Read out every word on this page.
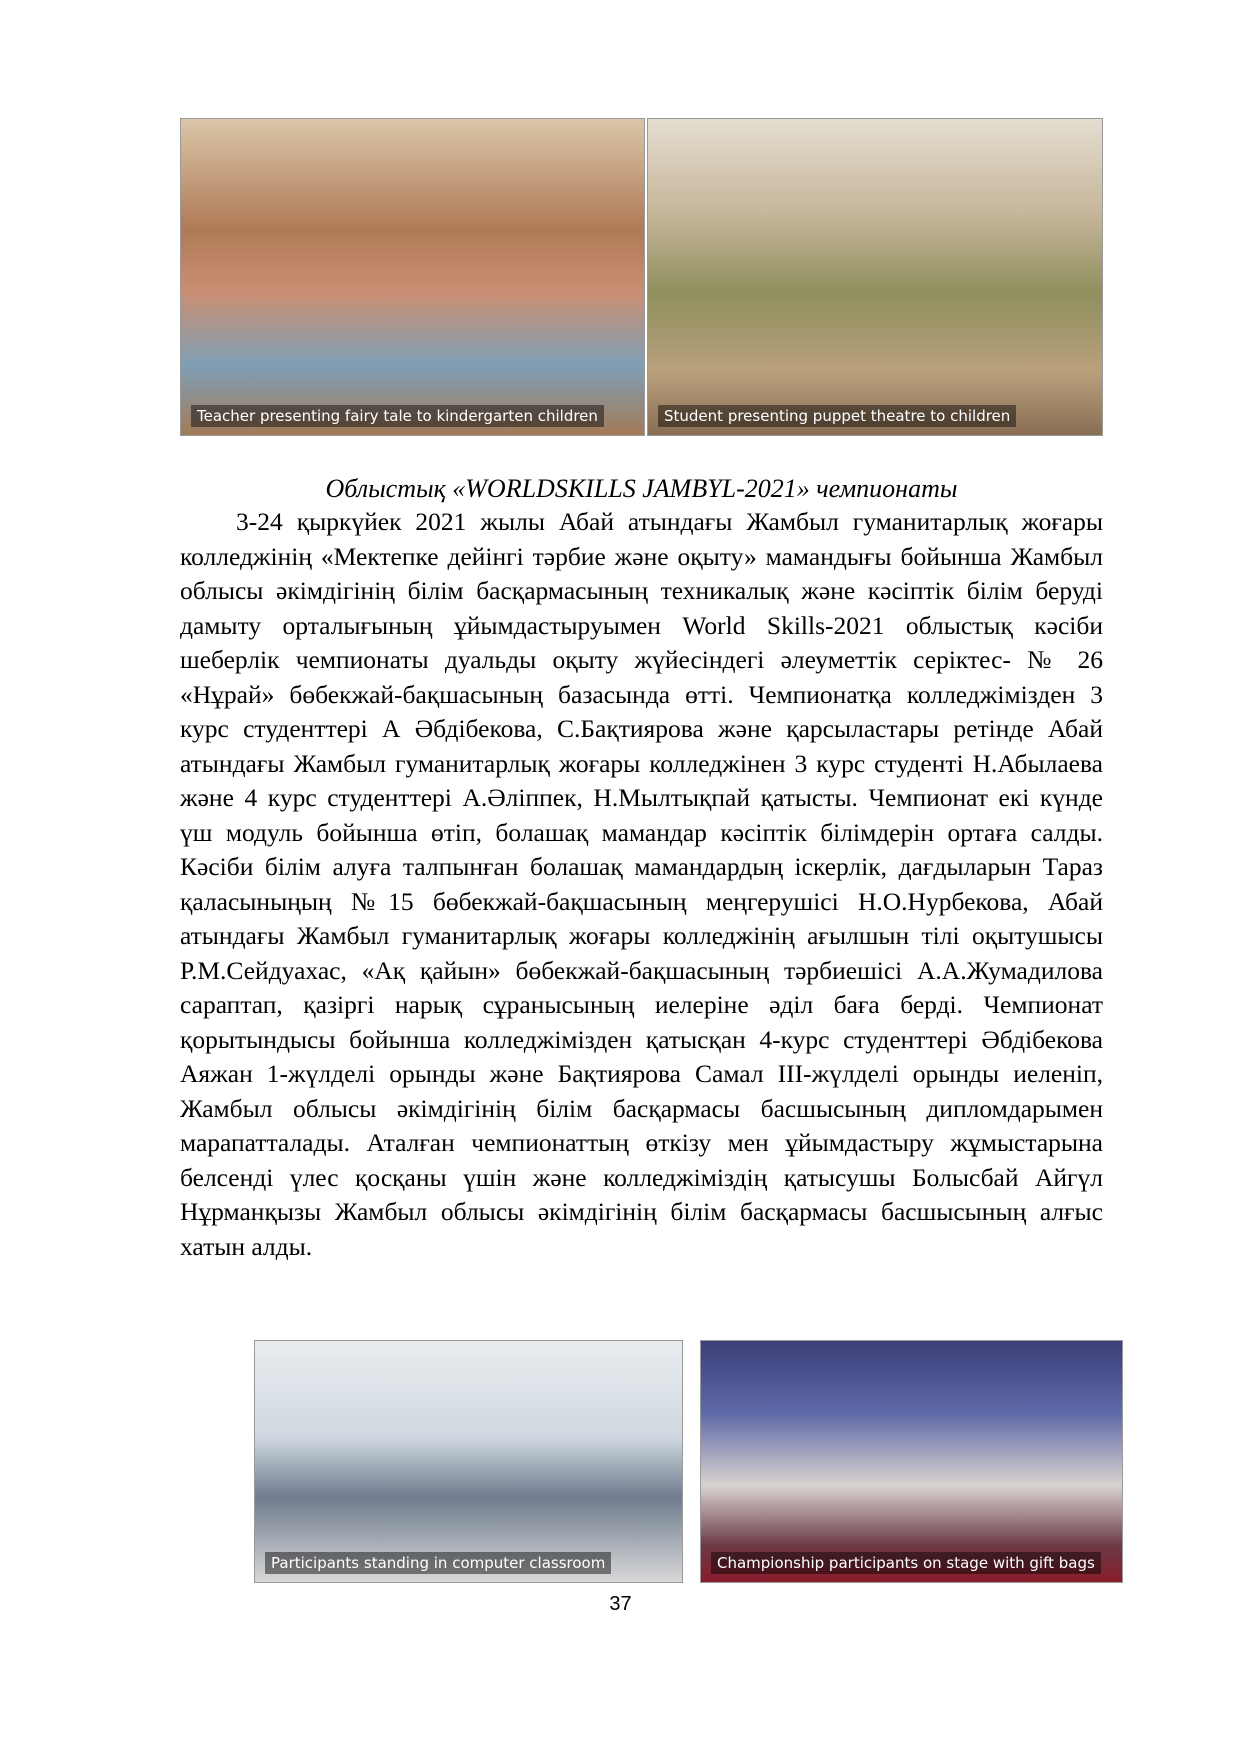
Teacher presenting fairy tale to kindergarten children	Student presenting puppet theatre to children
Облыстық «WORLDSKILLS JAMBYL-2021» чемпионаты

3-24 қыркүйек 2021 жылы Абай атындағы Жамбыл гуманитарлық жоғары колледжінің «Мектепке дейінгі тәрбие және оқыту» мамандығы бойынша Жамбыл облысы әкімдігінің білім басқармасының техникалық және кәсіптік білім беруді дамыту орталығының ұйымдастыруымен World Skills-2021 облыстық кәсіби шеберлік чемпионаты дуальды оқыту жүйесіндегі әлеуметтік серіктес- № 26 «Нұрай» бөбекжай-бақшасының базасында өтті. Чемпионатқа колледжімізден 3 курс студенттері А Әбдібекова, С.Бақтиярова және қарсыластары ретінде Абай атындағы Жамбыл гуманитарлық жоғары колледжінен 3 курс студенті Н.Абылаева және 4 курс студенттері А.Әліппек, Н.Мылтықпай қатысты. Чемпионат екі күнде үш модуль бойынша өтіп, болашақ мамандар кәсіптік білімдерін ортаға салды. Кәсіби білім алуға талпынған болашақ мамандардың іскерлік, дағдыларын Тараз қаласыныңың №15 бөбекжай-бақшасының меңгерушісі Н.О.Нурбекова, Абай атындағы Жамбыл гуманитарлық жоғары колледжінің ағылшын тілі оқытушысы Р.М.Сейдуахас, «Ақ қайын» бөбекжай-бақшасының тәрбиешісі А.А.Жумадилова сараптап, қазіргі нарық сұранысының иелеріне әділ баға берді. Чемпионат қорытындысы бойынша колледжімізден қатысқан 4-курс студенттері Әбдібекова Аяжан 1-жүлделі орынды және Бақтиярова Самал ІІІ-жүлделі орынды иеленіп, Жамбыл облысы әкімдігінің білім басқармасы басшысының дипломдарымен марапатталады. Аталған чемпионаттың өткізу мен ұйымдастыру жұмыстарына белсенді үлес қосқаны үшін және колледжіміздің қатысушы Болысбай Айгүл Нұрманқызы Жамбыл облысы әкімдігінің білім басқармасы басшысының алғыс хатын алды.

Participants standing in computer classroom	Championship participants on stage with gift bags
37
